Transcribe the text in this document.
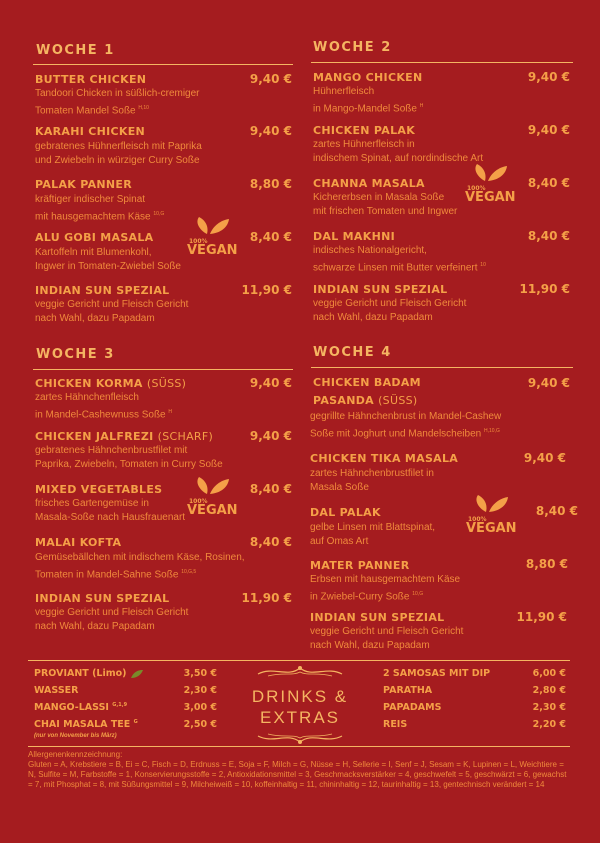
WOCHE 1
BUTTER CHICKEN	9,40 €
Tandoori Chicken in süßlich-cremiger
Tomaten Mandel Soße $^{H,10}$
KARAHI CHICKEN	9,40 €
gebratenes Hühnerfleisch mit Paprika
und Zwiebeln in würziger Curry Soße
PALAK PANNER	8,80 €
kräftiger indischer Spinat
mit hausgemachtem Käse $^{10,G}$
ALU GOBI MASALA	8,40 €
Kartoffeln mit Blumenkohl,
Ingwer in Tomaten-Zwiebel Soße
100%
VEGAN
INDIAN SUN SPEZIAL	11,90 €
veggie Gericht und Fleisch Gericht
nach Wahl, dazu Papadam
WOCHE 2
MANGO CHICKEN	9,40 €
Hühnerfleisch
in Mango-Mandel Soße $^H$
CHICKEN PALAK	9,40 €
zartes Hühnerfleisch in
indischem Spinat, auf nordindische Art
CHANNA MASALA	8,40 €
Kichererbsen in Masala Soße
mit frischen Tomaten und Ingwer
100%
VEGAN
DAL MAKHNI	8,40 €
indisches Nationalgericht,
schwarze Linsen mit Butter verfeinert $^{10}$
INDIAN SUN SPEZIAL	11,90 €
veggie Gericht und Fleisch Gericht
nach Wahl, dazu Papadam
WOCHE 3
CHICKEN KORMA (SÜSS)	9,40 €
zartes Hähnchenfleisch
in Mandel-Cashewnuss Soße $^H$
CHICKEN JALFREZI (SCHARF)	9,40 €
gebratenes Hähnchenbrustfilet mit
Paprika, Zwiebeln, Tomaten in Curry Soße
MIXED VEGETABLES	8,40 €
frisches Gartengemüse in
Masala-Soße nach Hausfrauenart
100%
VEGAN
MALAI KOFTA	8,40 €
Gemüsebällchen mit indischem Käse, Rosinen,
Tomaten in Mandel-Sahne Soße $^{10,G,5}$
INDIAN SUN SPEZIAL	11,90 €
veggie Gericht und Fleisch Gericht
nach Wahl, dazu Papadam
WOCHE 4
CHICKEN BADAM	9,40 €
PASANDA (SÜSS)
gegrillte Hähnchenbrust in Mandel-Cashew
Soße mit Joghurt und Mandelscheiben $^{H,10,G}$
CHICKEN TIKA MASALA	9,40 €
zartes Hähnchenbrustfilet in
Masala Soße
DAL PALAK	8,40 €
gelbe Linsen mit Blattspinat,
auf Omas Art
100%
VEGAN
MATER PANNER	8,80 €
Erbsen mit hausgemachtem Käse
in Zwiebel-Curry Soße $^{10,G}$
INDIAN SUN SPEZIAL	11,90 €
veggie Gericht und Fleisch Gericht
nach Wahl, dazu Papadam
PROVIANT (Limo)	3,50 €
WASSER	2,30 €
MANGO-LASSI $^{G,1,9}$	3,00 €
CHAI MASALA TEE $^G$	2,50 €
(nur von November bis März)
DRINKS &
EXTRAS
2 SAMOSAS MIT DIP	6,00 €
PARATHA	2,80 €
PAPADAMS	2,30 €
REIS	2,20 €
Allergenenkennzeichnung:
Gluten = A, Krebstiere = B, Ei = C, Fisch = D, Erdnuss = E, Soja = F, Milch = G, Nüsse = H, Sellerie = I, Senf = J, Sesam = K, Lupinen = L, Weichtiere = N, Sulfite = M, Farbstoffe = 1, Konservierungsstoffe = 2, Antioxidationsmittel = 3, Geschmacksverstärker = 4, geschwefelt = 5, geschwärzt = 6, gewachst = 7, mit Phosphat = 8, mit Süßungsmittel = 9, Milcheiweiß = 10, koffeinhaltig = 11, chininhaltig = 12, taurinhaltig = 13, gentechnisch verändert = 14
